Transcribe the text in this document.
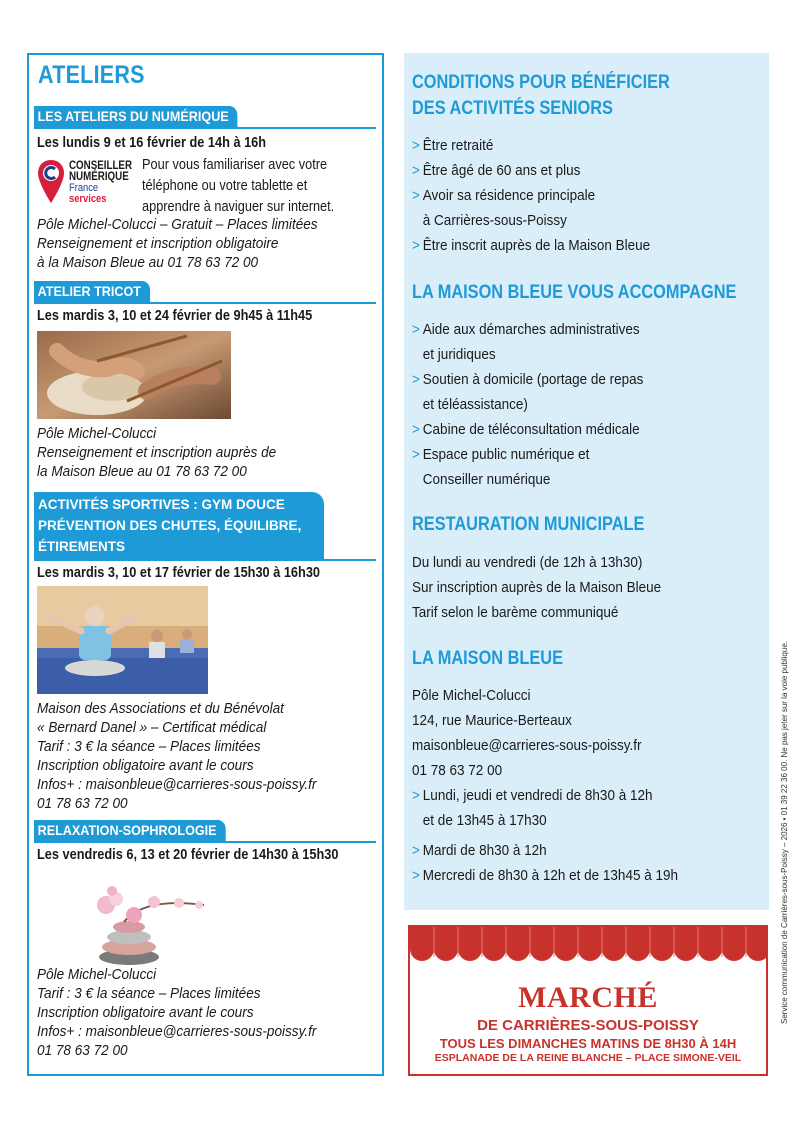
ATELIERS
LES ATELIERS DU NUMÉRIQUE
Les lundis 9 et 16 février de 14h à 16h
CONSEILLER
NUMÉRIQUE
France
services
Pour vous familiariser avec votre
téléphone ou votre tablette et
apprendre à naviguer sur internet.
Pôle Michel-Colucci – Gratuit – Places limitées
Renseignement et inscription obligatoire
à la Maison Bleue au 01 78 63 72 00
ATELIER TRICOT
Les mardis 3, 10 et 24 février de 9h45 à 11h45
Pôle Michel-Colucci
Renseignement et inscription auprès de
la Maison Bleue au 01 78 63 72 00
ACTIVITÉS SPORTIVES : GYM DOUCE PRÉVENTION DES CHUTES, ÉQUILIBRE, ÉTIREMENTS
Les mardis 3, 10 et 17 février de 15h30 à 16h30
Maison des Associations et du Bénévolat
« Bernard Danel » – Certificat médical
Tarif : 3 € la séance – Places limitées
Inscription obligatoire avant le cours
Infos+ : maisonbleue@carrieres-sous-poissy.fr
01 78 63 72 00
RELAXATION-SOPHROLOGIE
Les vendredis 6, 13 et 20 février de 14h30 à 15h30
Pôle Michel-Colucci
Tarif : 3 € la séance – Places limitées
Inscription obligatoire avant le cours
Infos+ : maisonbleue@carrieres-sous-poissy.fr
01 78 63 72 00
CONDITIONS POUR BÉNÉFICIER
DES ACTIVITÉS SENIORS
> Être retraité
> Être âgé de 60 ans et plus
> Avoir sa résidence principale
à Carrières-sous-Poissy
> Être inscrit auprès de la Maison Bleue
LA MAISON BLEUE VOUS ACCOMPAGNE
> Aide aux démarches administratives
et juridiques
> Soutien à domicile (portage de repas
et téléassistance)
> Cabine de téléconsultation médicale
> Espace public numérique et
Conseiller numérique
RESTAURATION MUNICIPALE
Du lundi au vendredi (de 12h à 13h30)
Sur inscription auprès de la Maison Bleue
Tarif selon le barème communiqué
LA MAISON BLEUE
Pôle Michel-Colucci
124, rue Maurice-Berteaux
maisonbleue@carrieres-sous-poissy.fr
01 78 63 72 00
> Lundi, jeudi et vendredi de 8h30 à 12h
et de 13h45 à 17h30
> Mardi de 8h30 à 12h
> Mercredi de 8h30 à 12h et de 13h45 à 19h
MARCHÉ
DE CARRIÈRES-SOUS-POISSY
TOUS LES DIMANCHES MATINS DE 8H30 À 14H
ESPLANADE DE LA REINE BLANCHE – PLACE SIMONE-VEIL
Service communication de Carrières-sous-Poissy – 2026 • 01 39 22 36 00. Ne pas jeter sur la voie publique.
